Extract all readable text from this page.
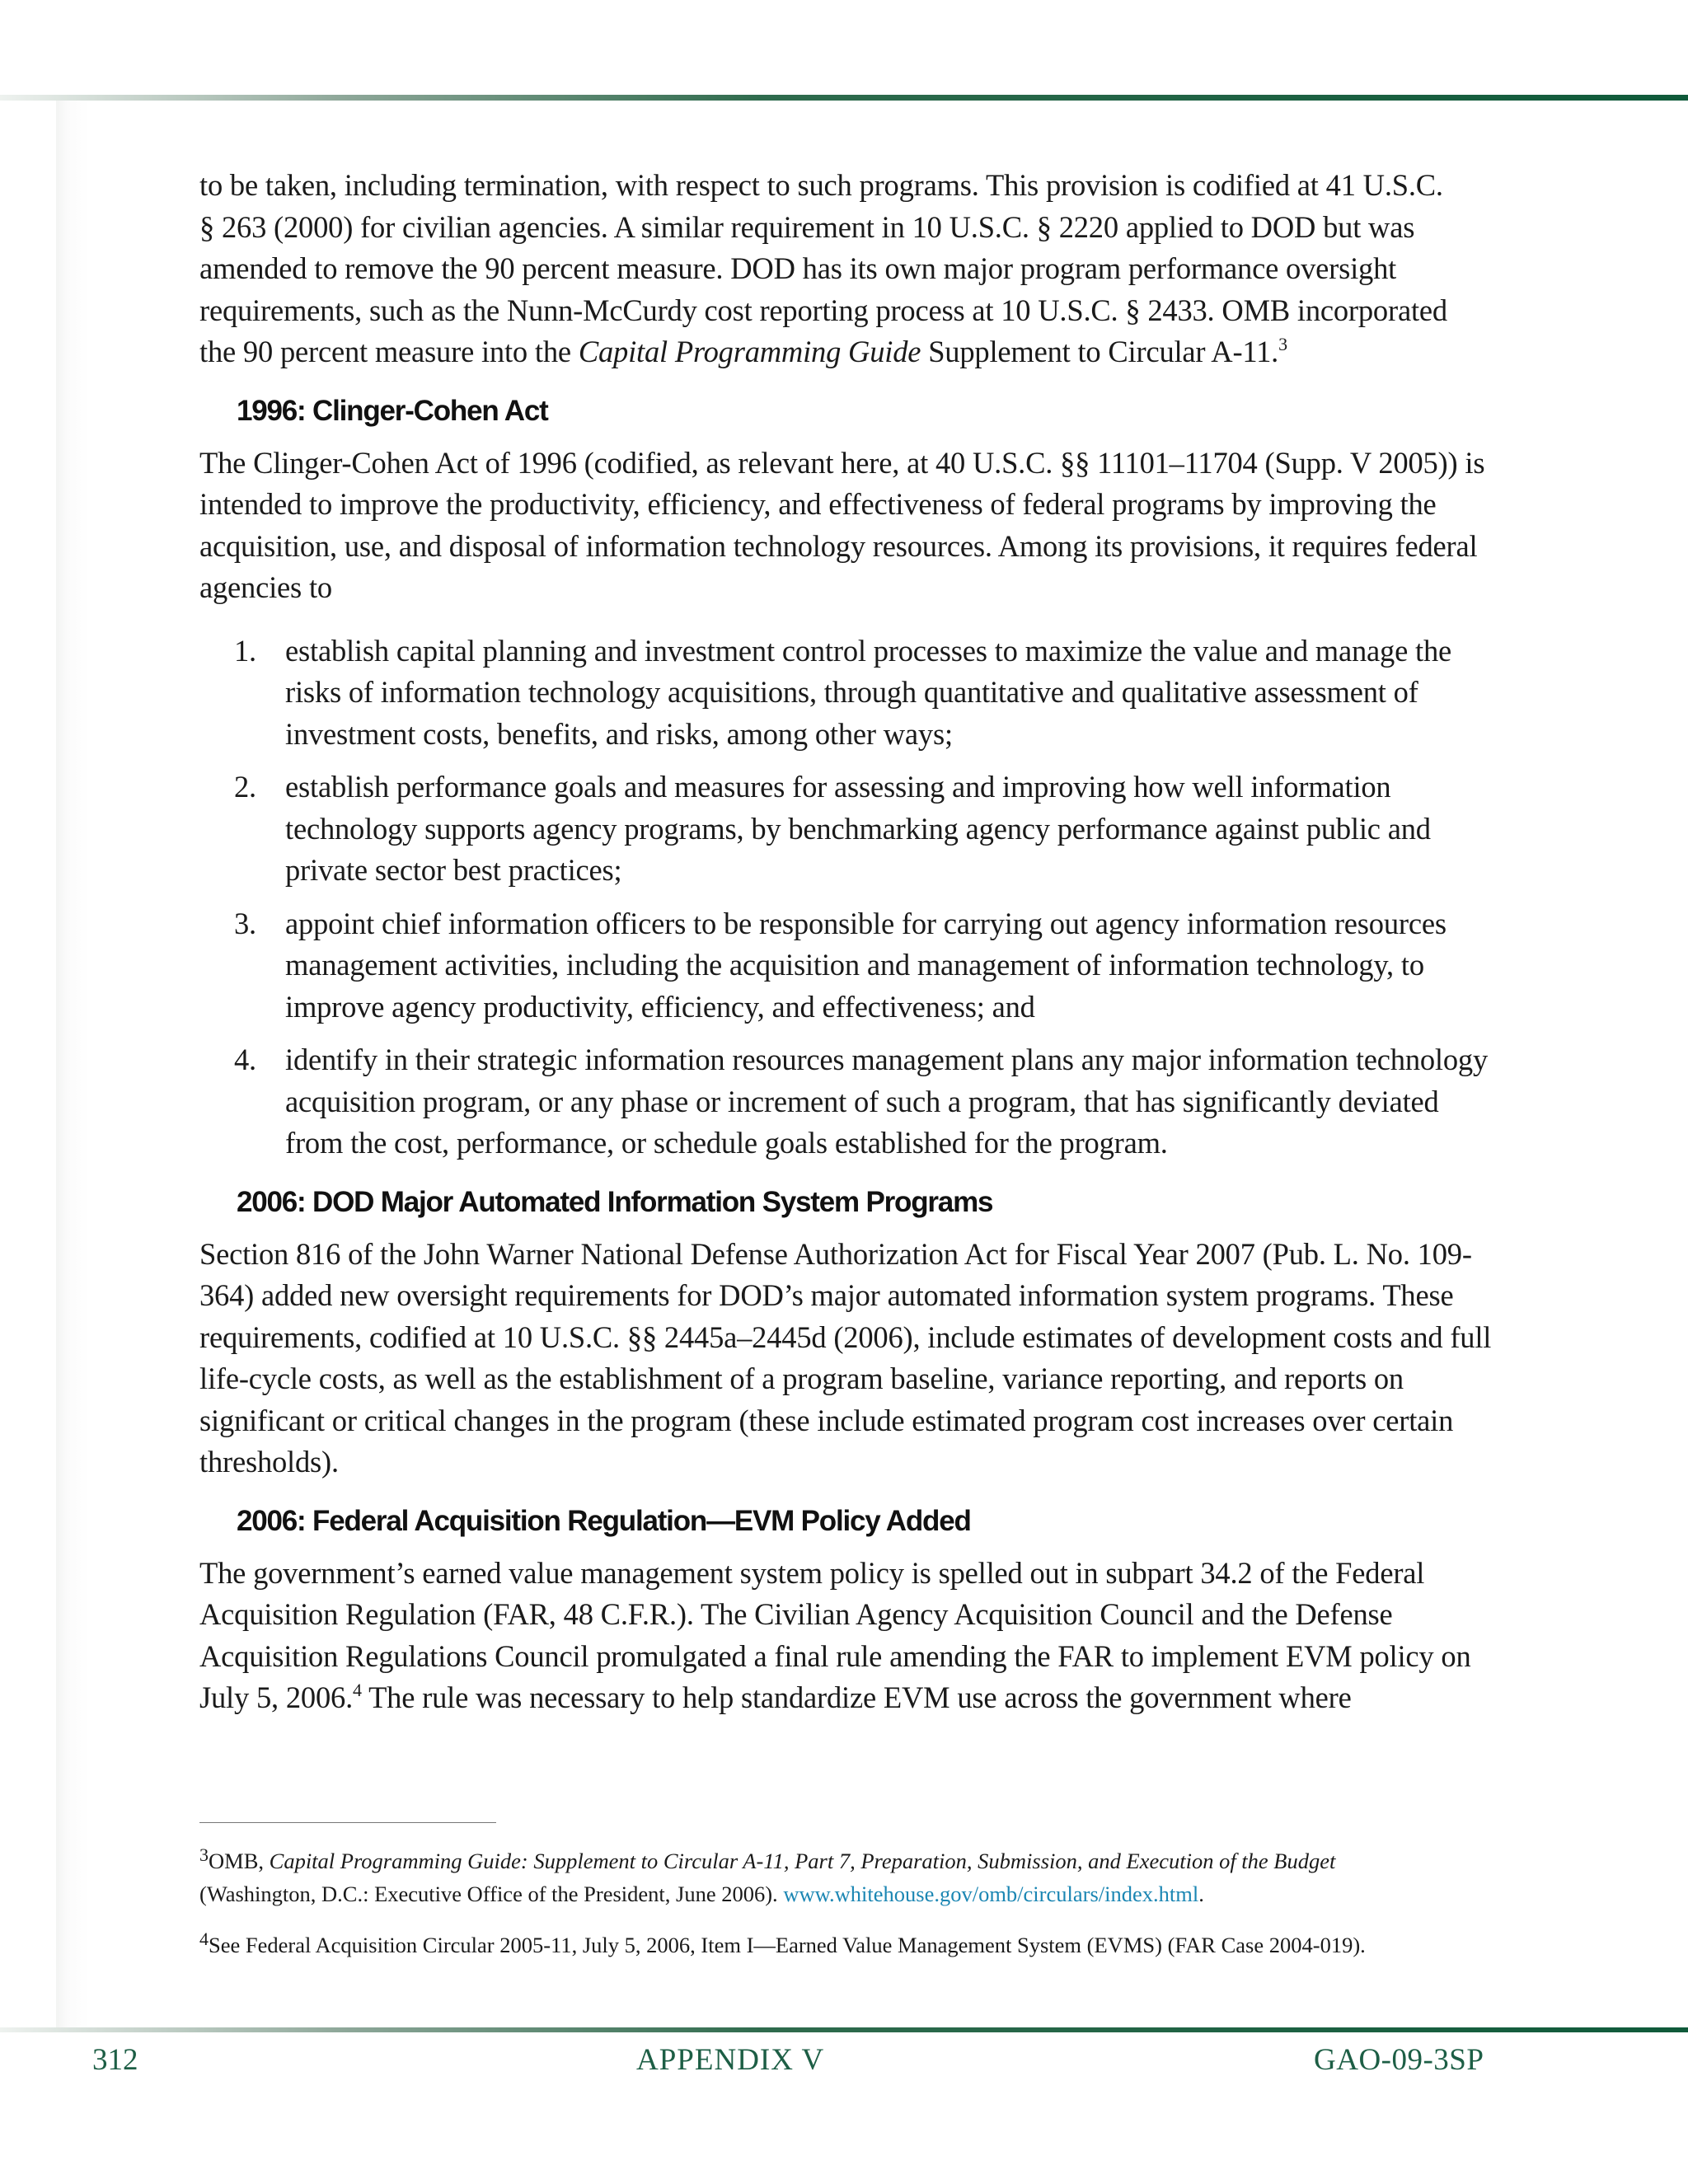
to be taken, including termination, with respect to such programs. This provision is codified at 41 U.S.C.
§ 263 (2000) for civilian agencies. A similar requirement in 10 U.S.C. § 2220 applied to DOD but was
amended to remove the 90 percent measure. DOD has its own major program performance oversight
requirements, such as the Nunn-McCurdy cost reporting process at 10 U.S.C. § 2433. OMB incorporated
the 90 percent measure into the Capital Programming Guide Supplement to Circular A-11.$^3$

1996: Clinger-Cohen Act

The Clinger-Cohen Act of 1996 (codified, as relevant here, at 40 U.S.C. §§ 11101–11704 (Supp. V 2005)) is intended to improve the productivity, efficiency, and effectiveness of federal programs by improving the acquisition, use, and disposal of information technology resources. Among its provisions, it requires federal agencies to

1. establish capital planning and investment control processes to maximize the value and manage the risks of information technology acquisitions, through quantitative and qualitative assessment of investment costs, benefits, and risks, among other ways;
2. establish performance goals and measures for assessing and improving how well information technology supports agency programs, by benchmarking agency performance against public and private sector best practices;
3. appoint chief information officers to be responsible for carrying out agency information resources management activities, including the acquisition and management of information technology, to improve agency productivity, efficiency, and effectiveness; and
4. identify in their strategic information resources management plans any major information technology acquisition program, or any phase or increment of such a program, that has significantly deviated from the cost, performance, or schedule goals established for the program.
2006: DOD Major Automated Information System Programs

Section 816 of the John Warner National Defense Authorization Act for Fiscal Year 2007 (Pub. L. No. 109-364) added new oversight requirements for DOD’s major automated information system programs. These requirements, codified at 10 U.S.C. §§ 2445a–2445d (2006), include estimates of development costs and full life-cycle costs, as well as the establishment of a program baseline, variance reporting, and reports on significant or critical changes in the program (these include estimated program cost increases over certain thresholds).

2006: Federal Acquisition Regulation—EVM Policy Added

The government’s earned value management system policy is spelled out in subpart 34.2 of the Federal Acquisition Regulation (FAR, 48 C.F.R.). The Civilian Agency Acquisition Council and the Defense Acquisition Regulations Council promulgated a final rule amending the FAR to implement EVM policy on July 5, 2006.$^4$ The rule was necessary to help standardize EVM use across the government where

$^3$OMB, Capital Programming Guide: Supplement to Circular A-11, Part 7, Preparation, Submission, and Execution of the Budget
(Washington, D.C.: Executive Office of the President, June 2006). www.whitehouse.gov/omb/circulars/index.html.

$^4$See Federal Acquisition Circular 2005-11, July 5, 2006, Item I—Earned Value Management System (EVMS) (FAR Case 2004-019).

312	APPENDIX V	GAO-09-3SP
